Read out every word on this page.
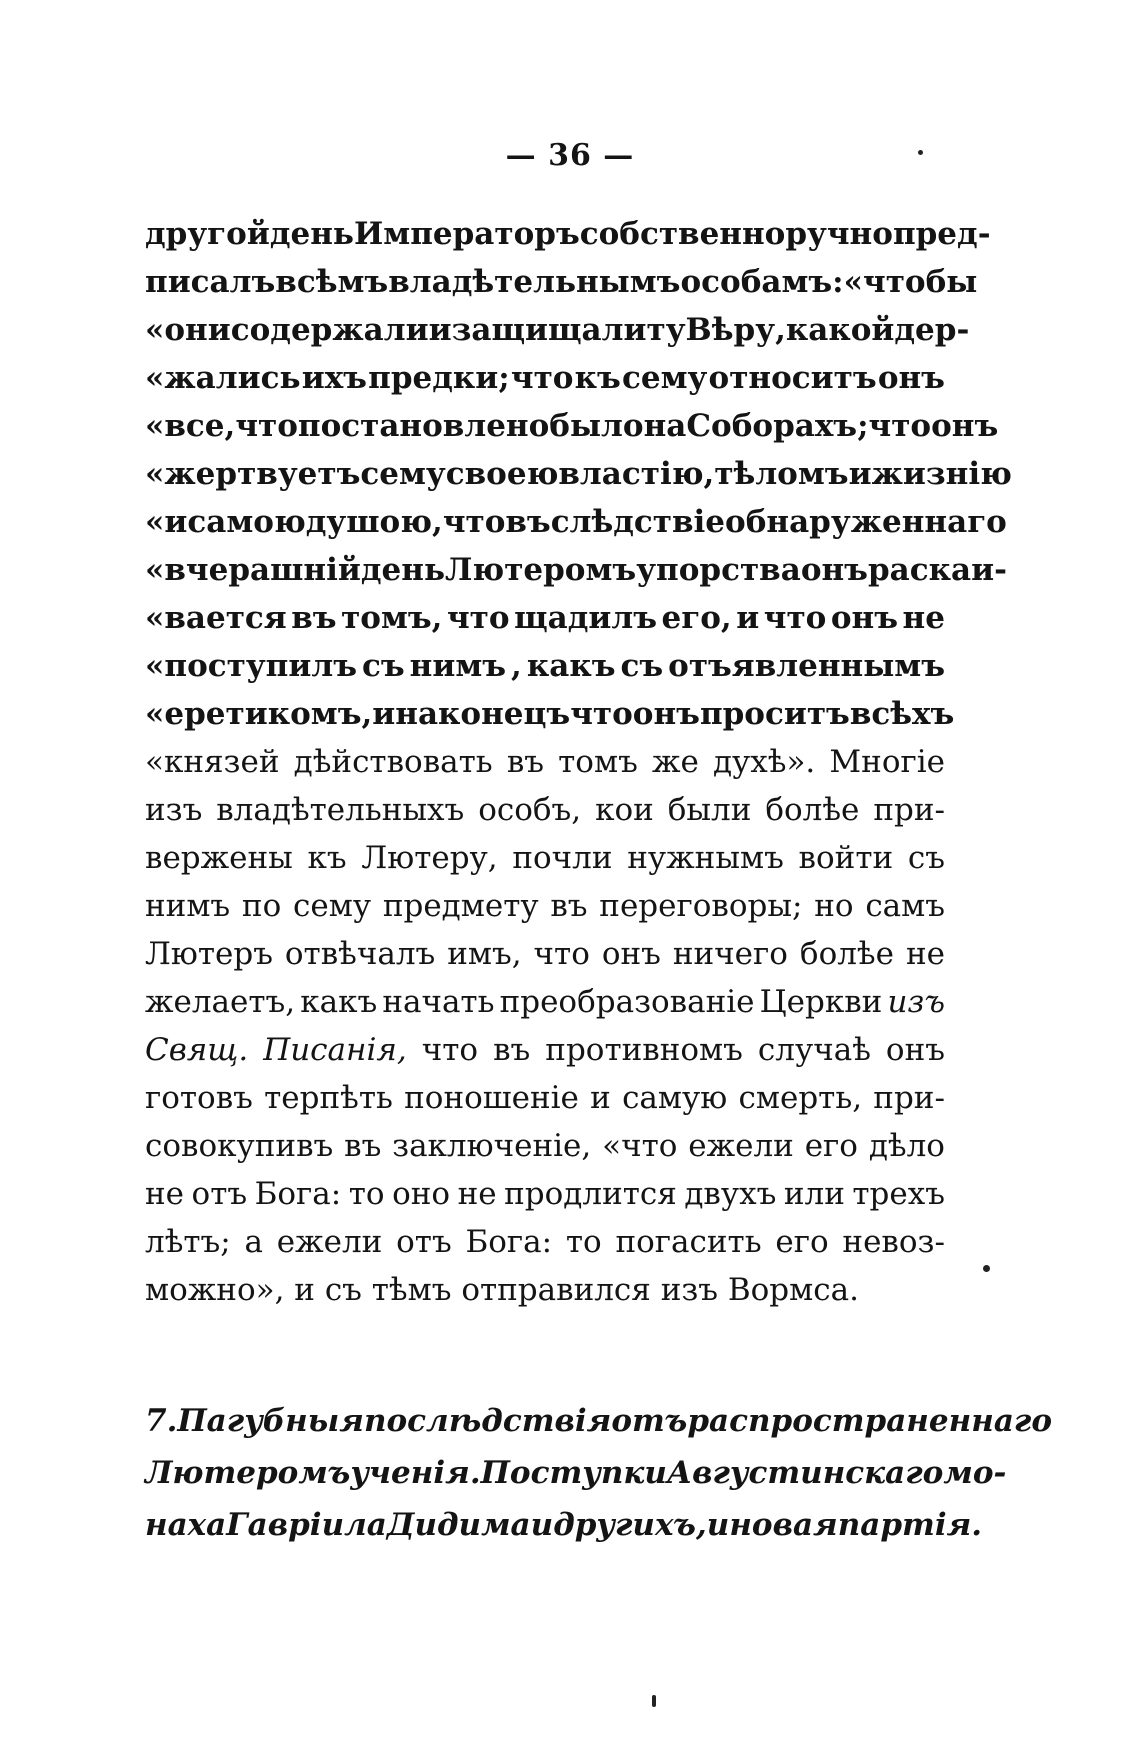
— 36 —
другой день Императоръ собственноручно пред-
писалъ всѣмъ владѣтельнымъ особамъ: «чтобы
«они содержали и защищали ту Вѣру, какой дер-
«жались ихъ предки; что къ сему относитъ онъ
«все, что постановлено было на Соборахъ; что онъ
«жертвуетъ сему своею властію, тѣломъ и жизнію
«и самою душою, что въ слѣдствіе обнаруженнаго
«вчерашній день Лютеромъ упорства онъ раскаи-
«вается въ томъ, что щадилъ его, и что онъ не
«поступилъ съ нимъ , какъ съ отъявленнымъ
«еретикомъ, и наконецъ что онъ проситъ всѣхъ
«князей дѣйствовать въ томъ же духѣ». Многіе
изъ владѣтельныхъ особъ, кои были болѣе при-
вержены къ Лютеру, почли нужнымъ войти съ
нимъ по сему предмету въ переговоры; но самъ
Лютеръ отвѣчалъ имъ, что онъ ничего болѣе не
желаетъ, какъ начать преобразованіе Церкви изъ
Свящ. Писанія, что въ противномъ случаѣ онъ
готовъ терпѣть поношеніе и самую смерть, при-
совокупивъ въ заключеніе, «что ежели его дѣло
не отъ Бога: то оно не продлится двухъ или трехъ
лѣтъ; а ежели отъ Бога: то погасить его невоз-
можно», и съ тѣмъ отправился изъ Вормса.
7. Пагубныя послѣдствія отъ распространеннаго
Лютеромъ ученія. Поступки Августинскаго мо-
наха Гавріила Дидима и другихъ, и новая партія.
